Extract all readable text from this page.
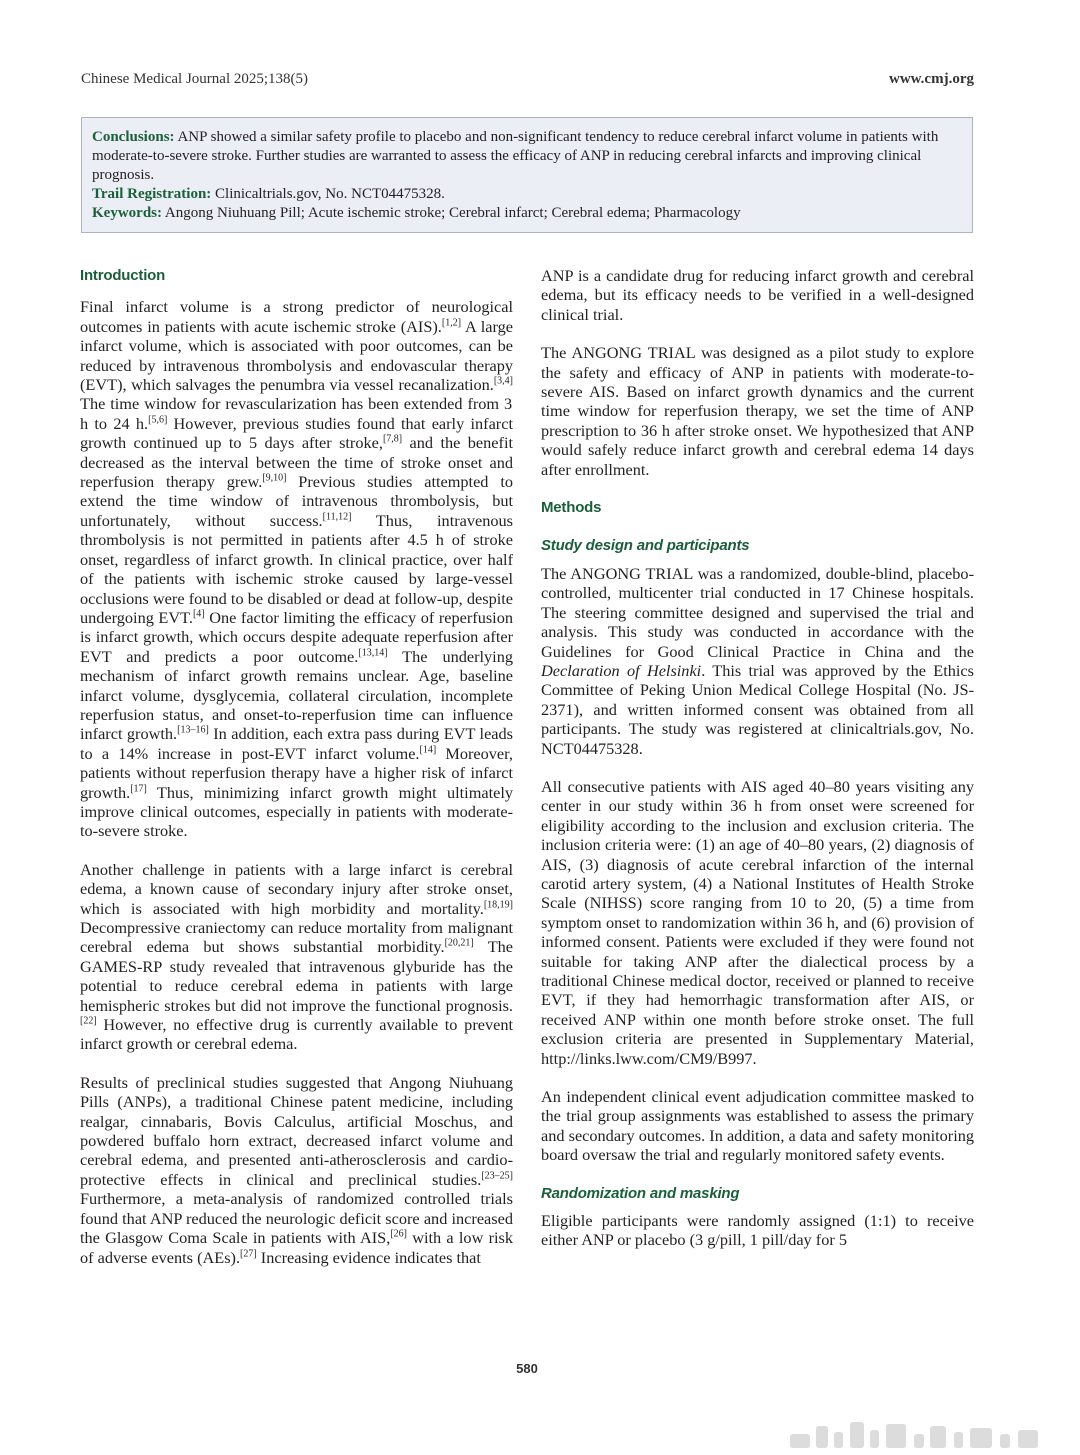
Chinese Medical Journal 2025;138(5)	www.cmj.org

Conclusions: ANP showed a similar safety profile to placebo and non-significant tendency to reduce cerebral infarct volume in patients with moderate-to-severe stroke. Further studies are warranted to assess the efficacy of ANP in reducing cerebral infarcts and improving clinical prognosis.

Trail Registration: Clinicaltrials.gov, No. NCT04475328.

Keywords: Angong Niuhuang Pill; Acute ischemic stroke; Cerebral infarct; Cerebral edema; Pharmacology

Introduction

Final infarct volume is a strong predictor of neurological outcomes in patients with acute ischemic stroke (AIS).[1,2] A large infarct volume, which is associated with poor outcomes, can be reduced by intravenous thrombolysis and endovascular therapy (EVT), which salvages the penumbra via vessel recanalization.[3,4] The time window for revascularization has been extended from 3 h to 24 h.[5,6] However, previous studies found that early infarct growth continued up to 5 days after stroke,[7,8] and the benefit decreased as the interval between the time of stroke onset and reperfusion therapy grew.[9,10] Previous studies attempted to extend the time window of intravenous thrombolysis, but unfortunately, without success.[11,12] Thus, intravenous thrombolysis is not permitted in patients after 4.5 h of stroke onset, regardless of infarct growth. In clinical practice, over half of the patients with ischemic stroke caused by large-vessel occlusions were found to be disabled or dead at follow-up, despite undergoing EVT.[4] One factor limiting the efficacy of reperfusion is infarct growth, which occurs despite adequate reperfusion after EVT and predicts a poor outcome.[13,14] The underlying mechanism of infarct growth remains unclear. Age, baseline infarct volume, dysglycemia, collateral circulation, incomplete reperfusion status, and onset-to-reperfusion time can influence infarct growth.[13–16] In addition, each extra pass during EVT leads to a 14% increase in post-EVT infarct volume.[14] Moreover, patients without reperfusion therapy have a higher risk of infarct growth.[17] Thus, minimizing infarct growth might ultimately improve clinical outcomes, especially in patients with moderate-to-severe stroke.

Another challenge in patients with a large infarct is cerebral edema, a known cause of secondary injury after stroke onset, which is associated with high morbidity and mortality.[18,19] Decompressive craniectomy can reduce mortality from malignant cerebral edema but shows substantial morbidity.[20,21] The GAMES-RP study revealed that intravenous glyburide has the potential to reduce cerebral edema in patients with large hemispheric strokes but did not improve the functional prognosis.[22] However, no effective drug is currently available to prevent infarct growth or cerebral edema.

Results of preclinical studies suggested that Angong Niuhuang Pills (ANPs), a traditional Chinese patent medicine, including realgar, cinnabaris, Bovis Calculus, artificial Moschus, and powdered buffalo horn extract, decreased infarct volume and cerebral edema, and presented anti-atherosclerosis and cardio-protective effects in clinical and preclinical studies.[23–25] Furthermore, a meta-analysis of randomized controlled trials found that ANP reduced the neurologic deficit score and increased the Glasgow Coma Scale in patients with AIS,[26] with a low risk of adverse events (AEs).[27] Increasing evidence indicates that

ANP is a candidate drug for reducing infarct growth and cerebral edema, but its efficacy needs to be verified in a well-designed clinical trial.

The ANGONG TRIAL was designed as a pilot study to explore the safety and efficacy of ANP in patients with moderate-to-severe AIS. Based on infarct growth dynamics and the current time window for reperfusion therapy, we set the time of ANP prescription to 36 h after stroke onset. We hypothesized that ANP would safely reduce infarct growth and cerebral edema 14 days after enrollment.

Methods
Study design and participants

The ANGONG TRIAL was a randomized, double-blind, placebo-controlled, multicenter trial conducted in 17 Chinese hospitals. The steering committee designed and supervised the trial and analysis. This study was conducted in accordance with the Guidelines for Good Clinical Practice in China and the Declaration of Helsinki. This trial was approved by the Ethics Committee of Peking Union Medical College Hospital (No. JS-2371), and written informed consent was obtained from all participants. The study was registered at clinicaltrials.gov, No. NCT04475328.

All consecutive patients with AIS aged 40–80 years visiting any center in our study within 36 h from onset were screened for eligibility according to the inclusion and exclusion criteria. The inclusion criteria were: (1) an age of 40–80 years, (2) diagnosis of AIS, (3) diagnosis of acute cerebral infarction of the internal carotid artery system, (4) a National Institutes of Health Stroke Scale (NIHSS) score ranging from 10 to 20, (5) a time from symptom onset to randomization within 36 h, and (6) provision of informed consent. Patients were excluded if they were found not suitable for taking ANP after the dialectical process by a traditional Chinese medical doctor, received or planned to receive EVT, if they had hemorrhagic transformation after AIS, or received ANP within one month before stroke onset. The full exclusion criteria are presented in Supplementary Material, http://links.lww.com/CM9/B997.

An independent clinical event adjudication committee masked to the trial group assignments was established to assess the primary and secondary outcomes. In addition, a data and safety monitoring board oversaw the trial and regularly monitored safety events.

Randomization and masking

Eligible participants were randomly assigned (1:1) to receive either ANP or placebo (3 g/pill, 1 pill/day for 5

580
